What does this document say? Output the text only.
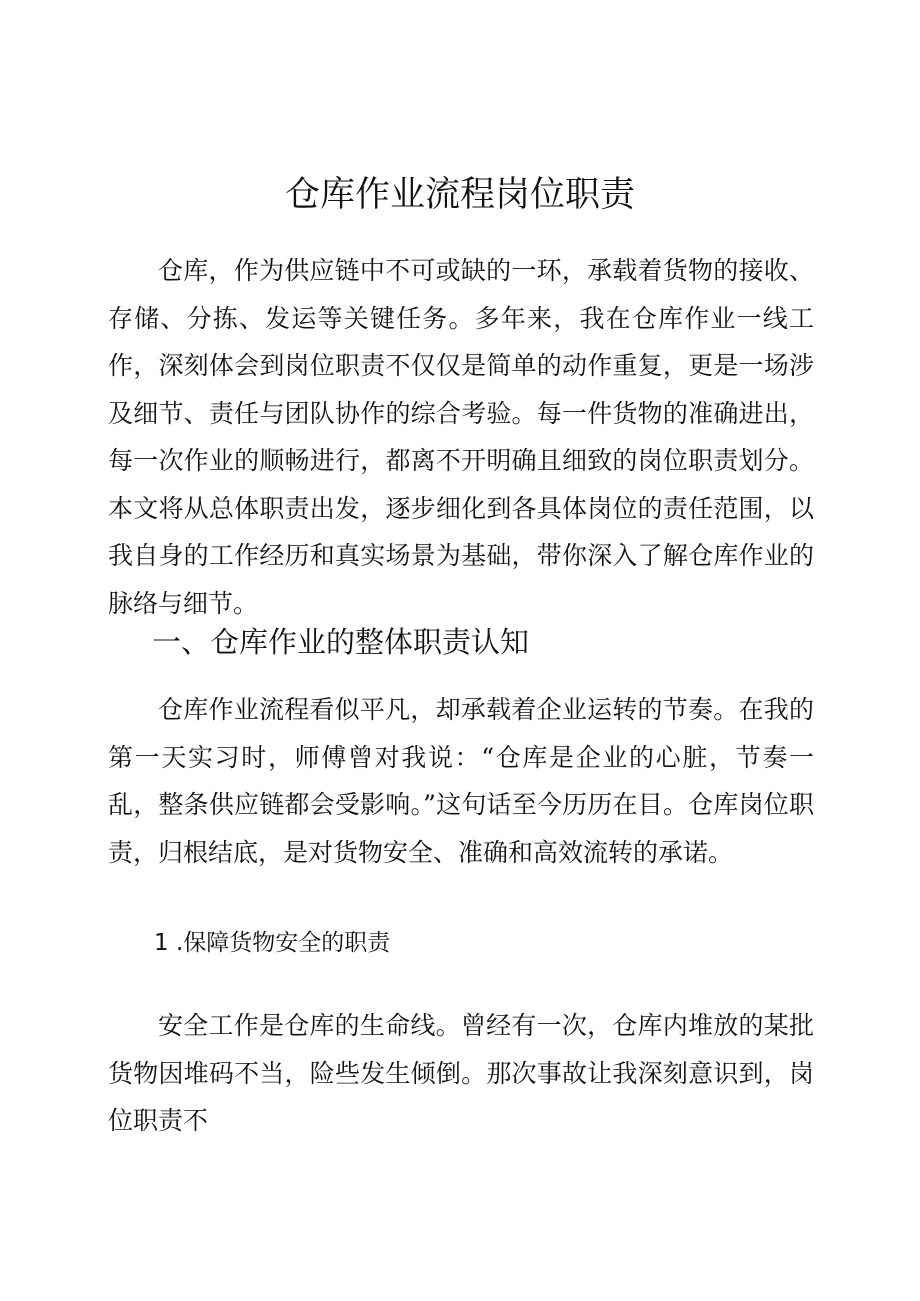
仓库作业流程岗位职责

仓库，作为供应链中不可或缺的一环，承载着货物的接收、存储、分拣、发运等关键任务。多年来，我在仓库作业一线工作，深刻体会到岗位职责不仅仅是简单的动作重复，更是一场涉及细节、责任与团队协作的综合考验。每一件货物的准确进出，每一次作业的顺畅进行，都离不开明确且细致的岗位职责划分。本文将从总体职责出发，逐步细化到各具体岗位的责任范围，以我自身的工作经历和真实场景为基础，带你深入了解仓库作业的脉络与细节。

一、仓库作业的整体职责认知

仓库作业流程看似平凡，却承载着企业运转的节奏。在我的第一天实习时，师傅曾对我说：“仓库是企业的心脏，节奏一乱，整条供应链都会受影响。”这句话至今历历在目。仓库岗位职责，归根结底，是对货物安全、准确和高效流转的承诺。

1 .保障货物安全的职责

安全工作是仓库的生命线。曾经有一次，仓库内堆放的某批货物因堆码不当，险些发生倾倒。那次事故让我深刻意识到，岗位职责不
